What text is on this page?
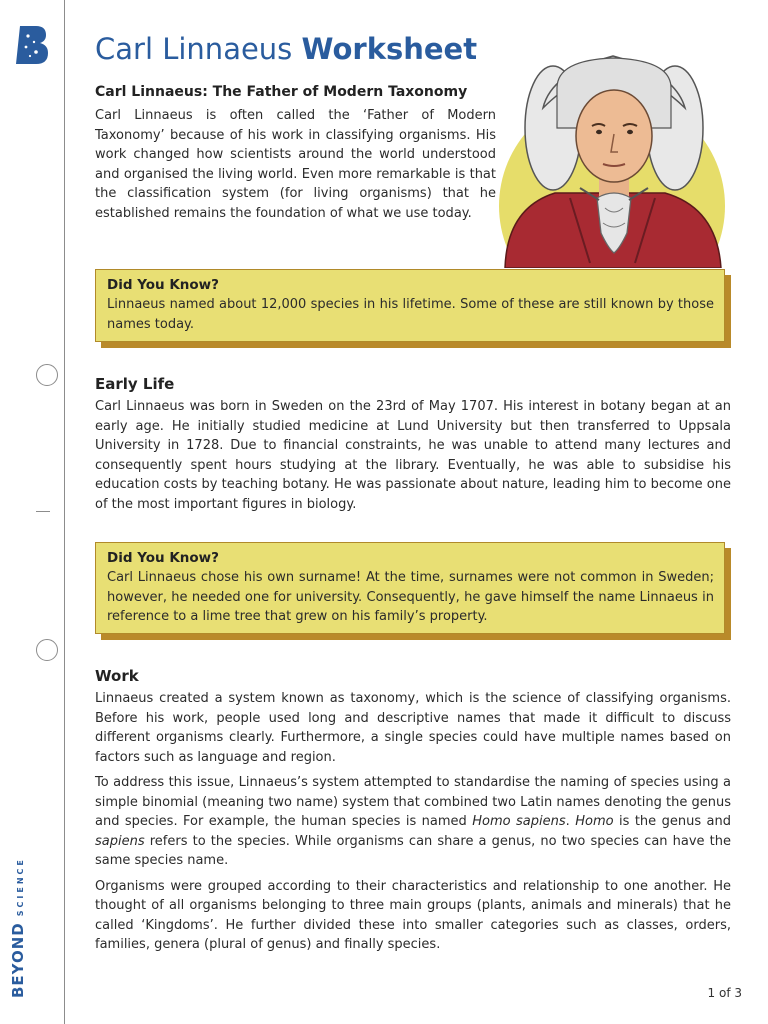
BEYONDSCIENCE
Carl Linnaeus Worksheet
Carl Linnaeus: The Father of Modern Taxonomy

Carl Linnaeus is often called the ‘Father of Modern Taxonomy’ because of his work in classifying organisms. His work changed how scientists around the world understood and organised the living world. Even more remarkable is that the classification system (for living organisms) that he established remains the foundation of what we use today.

Did You Know?

Linnaeus named about 12,000 species in his lifetime. Some of these are still known by those names today.

Early Life

Carl Linnaeus was born in Sweden on the 23rd of May 1707. His interest in botany began at an early age. He initially studied medicine at Lund University but then transferred to Uppsala University in 1728. Due to financial constraints, he was unable to attend many lectures and consequently spent hours studying at the library. Eventually, he was able to subsidise his education costs by teaching botany. He was passionate about nature, leading him to become one of the most important figures in biology.

Did You Know?

Carl Linnaeus chose his own surname! At the time, surnames were not common in Sweden; however, he needed one for university. Consequently, he gave himself the name Linnaeus in reference to a lime tree that grew on his family’s property.

Work

Linnaeus created a system known as taxonomy, which is the science of classifying organisms. Before his work, people used long and descriptive names that made it difficult to discuss different organisms clearly. Furthermore, a single species could have multiple names based on factors such as language and region.

To address this issue, Linnaeus’s system attempted to standardise the naming of species using a simple binomial (meaning two name) system that combined two Latin names denoting the genus and species. For example, the human species is named Homo sapiens. Homo is the genus and sapiens refers to the species. While organisms can share a genus, no two species can have the same species name.

Organisms were grouped according to their characteristics and relationship to one another. He thought of all organisms belonging to three main groups (plants, animals and minerals) that he called ‘Kingdoms’. He further divided these into smaller categories such as classes, orders, families, genera (plural of genus) and finally species.

1 of 3
